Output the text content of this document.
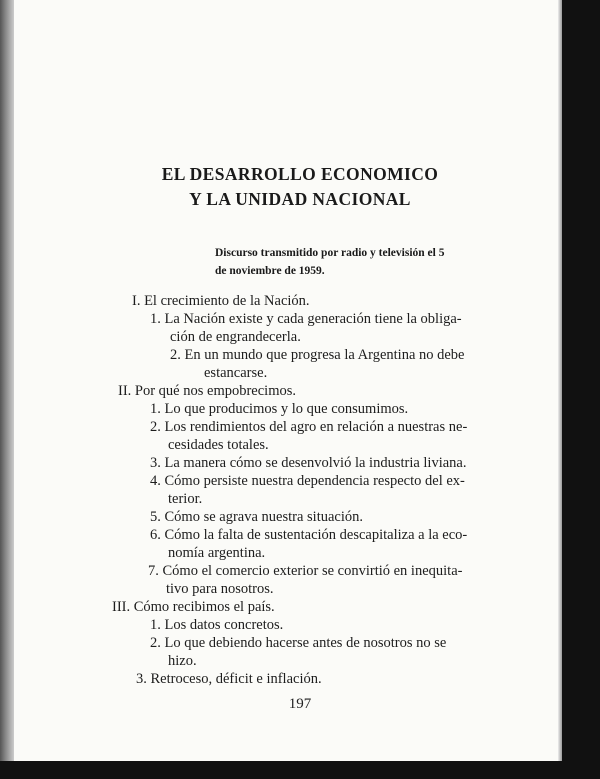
EL DESARROLLO ECONOMICO
Y LA UNIDAD NACIONAL
Discurso transmitido por radio y televisión el 5
de noviembre de 1959.
I. El crecimiento de la Nación.
1. La Nación existe y cada generación tiene la obliga-
ción de engrandecerla.
2. En un mundo que progresa la Argentina no debe
estancarse.
II. Por qué nos empobrecimos.
1. Lo que producimos y lo que consumimos.
2. Los rendimientos del agro en relación a nuestras ne-
cesidades totales.
3. La manera cómo se desenvolvió la industria liviana.
4. Cómo persiste nuestra dependencia respecto del ex-
terior.
5. Cómo se agrava nuestra situación.
6. Cómo la falta de sustentación descapitaliza a la eco-
nomía argentina.
7. Cómo el comercio exterior se convirtió en inequita-
tivo para nosotros.
III. Cómo recibimos el país.
1. Los datos concretos.
2. Lo que debiendo hacerse antes de nosotros no se
hizo.
3. Retroceso, déficit e inflación.
197
